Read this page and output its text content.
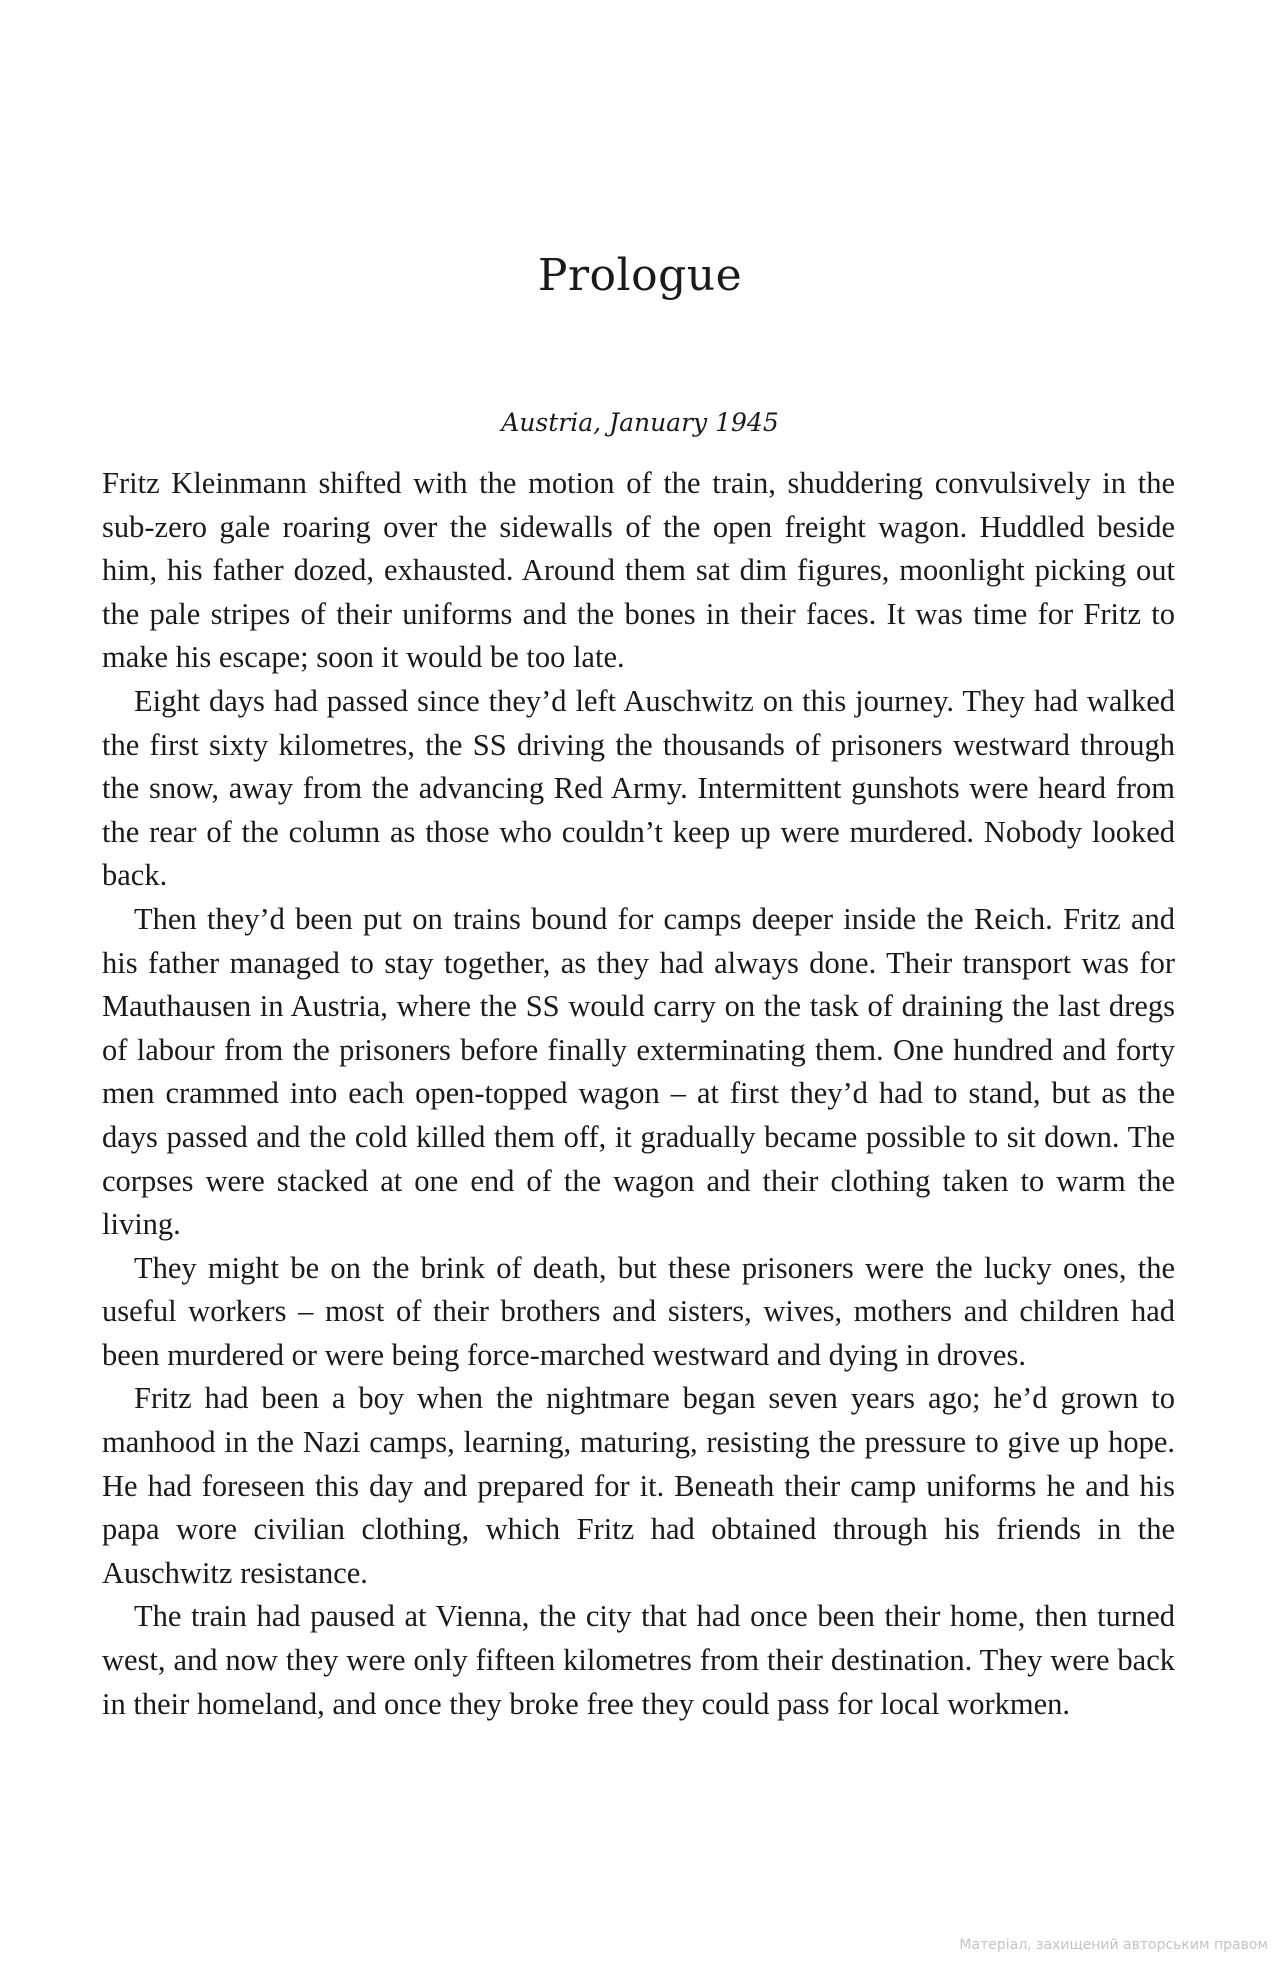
Prologue

Austria, January 1945

Fritz Kleinmann shifted with the motion of the train, shuddering convulsively in the sub-zero gale roaring over the sidewalls of the open freight wagon. Huddled beside him, his father dozed, exhausted. Around them sat dim figures, moonlight picking out the pale stripes of their uniforms and the bones in their faces. It was time for Fritz to make his escape; soon it would be too late.

Eight days had passed since they’d left Auschwitz on this journey. They had walked the first sixty kilometres, the SS driving the thousands of prisoners westward through the snow, away from the advancing Red Army. Intermittent gunshots were heard from the rear of the column as those who couldn’t keep up were murdered. Nobody looked back.

Then they’d been put on trains bound for camps deeper inside the Reich. Fritz and his father managed to stay together, as they had always done. Their transport was for Mauthausen in Austria, where the SS would carry on the task of draining the last dregs of labour from the prisoners before finally exterminating them. One hundred and forty men crammed into each open-topped wagon – at first they’d had to stand, but as the days passed and the cold killed them off, it gradually became possible to sit down. The corpses were stacked at one end of the wagon and their clothing taken to warm the living.

They might be on the brink of death, but these prisoners were the lucky ones, the useful workers – most of their brothers and sisters, wives, mothers and children had been murdered or were being force-marched westward and dying in droves.

Fritz had been a boy when the nightmare began seven years ago; he’d grown to manhood in the Nazi camps, learning, maturing, resisting the pressure to give up hope. He had foreseen this day and prepared for it. Beneath their camp uniforms he and his papa wore civilian clothing, which Fritz had obtained through his friends in the Auschwitz resistance.

The train had paused at Vienna, the city that had once been their home, then turned west, and now they were only fifteen kilometres from their destination. They were back in their homeland, and once they broke free they could pass for local workmen.

Матеріал, захищений авторським правом
